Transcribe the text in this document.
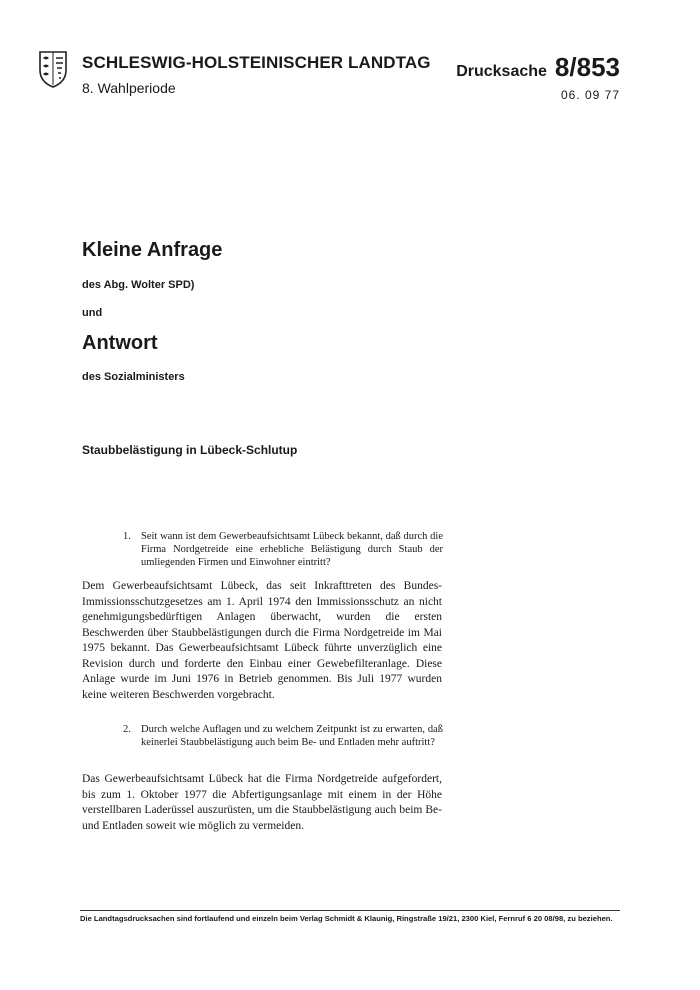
SCHLESWIG-HOLSTEINISCHER LANDTAG
8. Wahlperiode
Drucksache 8/853
06. 09 77
Kleine Anfrage
des Abg. Wolter SPD)
und
Antwort
des Sozialministers
Staubbelästigung in Lübeck-Schlutup
1. Seit wann ist dem Gewerbeaufsichtsamt Lübeck bekannt, daß durch die Firma Nordgetreide eine erhebliche Belästigung durch Staub der umliegenden Firmen und Einwohner eintritt?
Dem Gewerbeaufsichtsamt Lübeck, das seit Inkrafttreten des Bundes-Immissionsschutzgesetzes am 1. April 1974 den Immissionsschutz an nicht genehmigungsbedürftigen Anlagen überwacht, wurden die ersten Beschwerden über Staubbelästigungen durch die Firma Nordgetreide im Mai 1975 bekannt. Das Gewerbeaufsichtsamt Lübeck führte unverzüglich eine Revision durch und forderte den Einbau einer Gewebefilteranlage. Diese Anlage wurde im Juni 1976 in Betrieb genommen. Bis Juli 1977 wurden keine weiteren Beschwerden vorgebracht.
2. Durch welche Auflagen und zu welchem Zeitpunkt ist zu erwarten, daß keinerlei Staubbelästigung auch beim Be- und Entladen mehr auftritt?
Das Gewerbeaufsichtsamt Lübeck hat die Firma Nordgetreide aufgefordert, bis zum 1. Oktober 1977 die Abfertigungsanlage mit einem in der Höhe verstellbaren Laderüssel auszurüsten, um die Staubbelästigung auch beim Be- und Entladen soweit wie möglich zu vermeiden.
Die Landtagsdrucksachen sind fortlaufend und einzeln beim Verlag Schmidt & Klaunig, Ringstraße 19/21, 2300 Kiel, Fernruf 6 20 08/98, zu beziehen.
